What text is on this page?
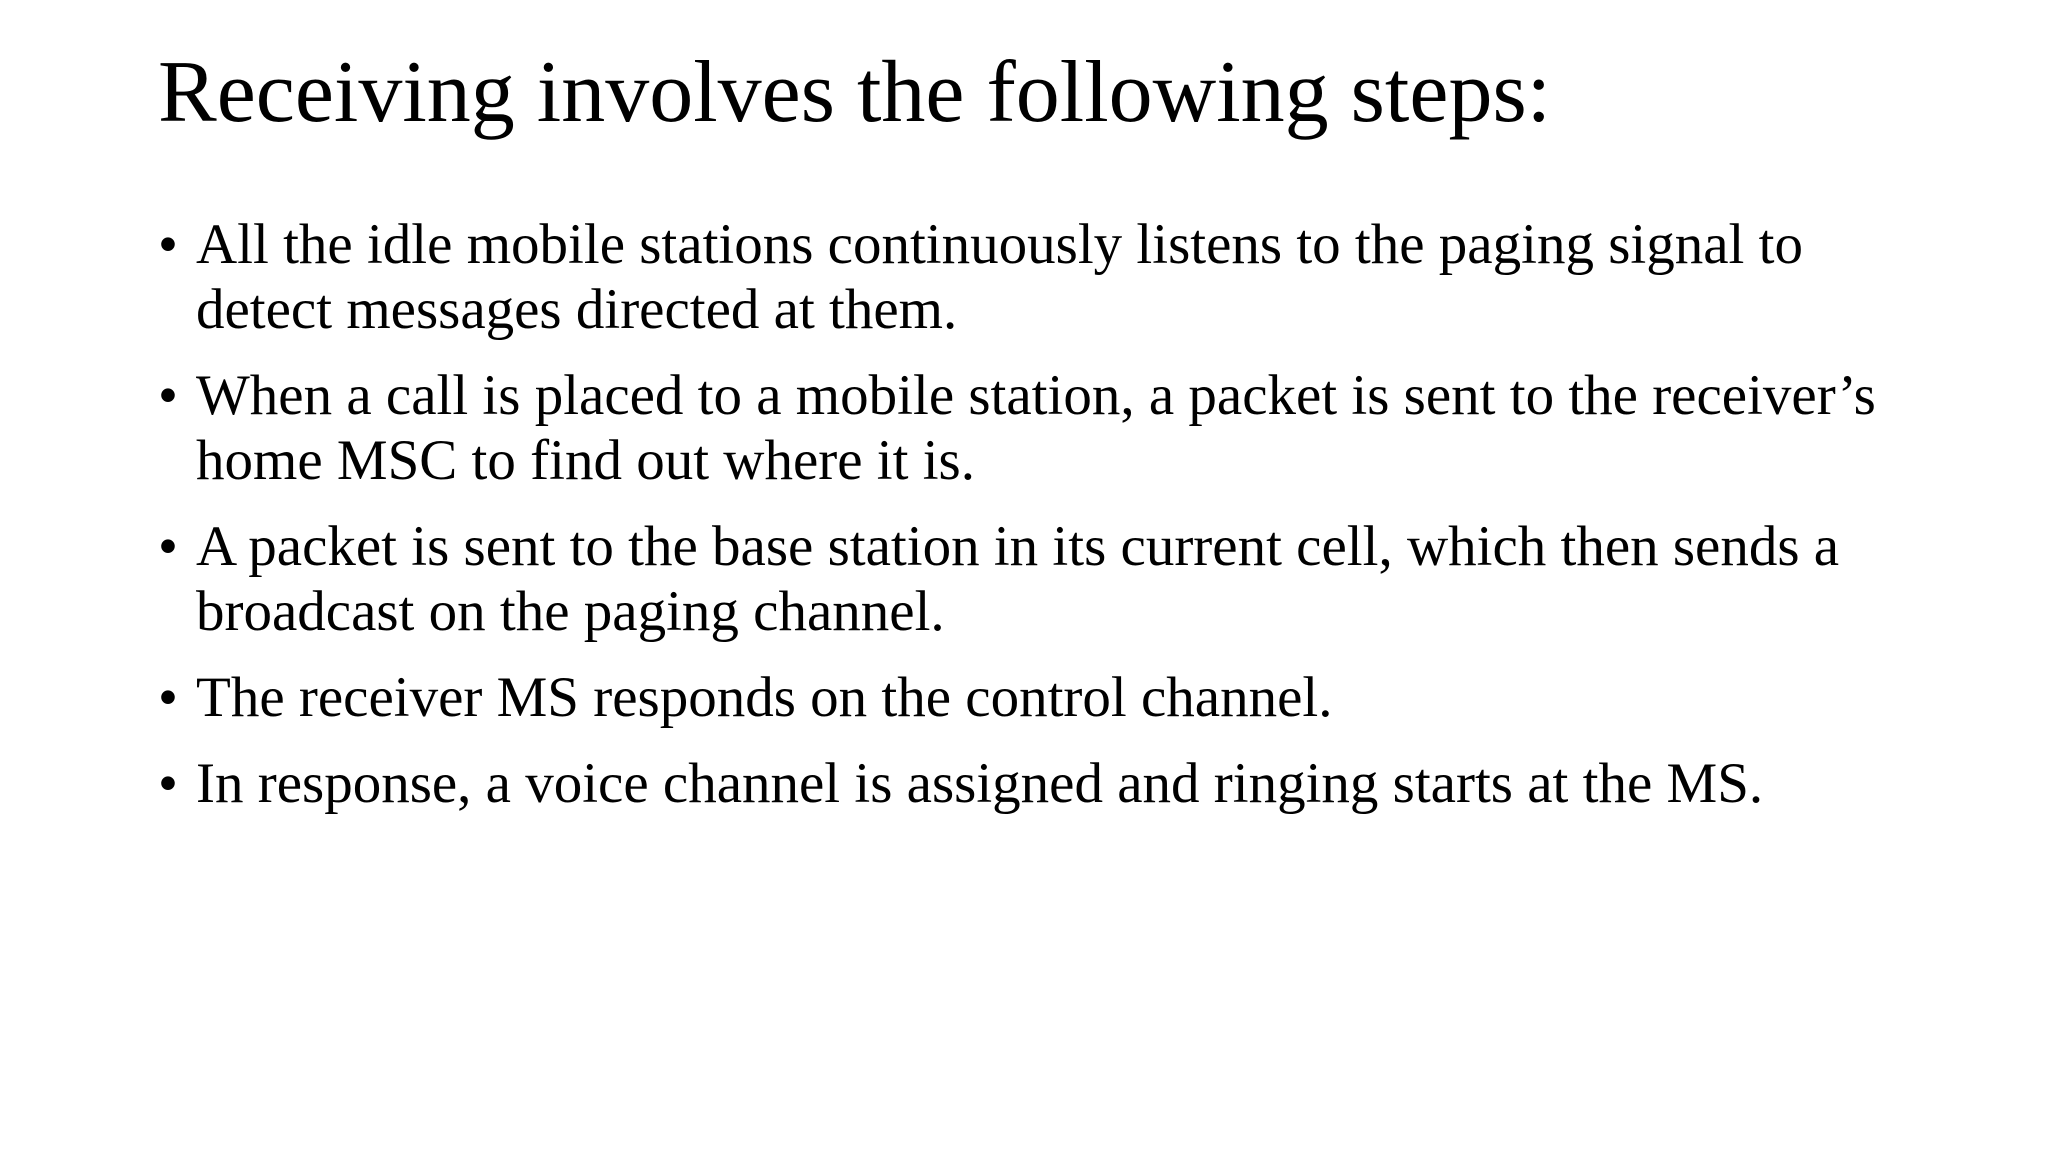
Receiving involves the following steps:
• All the idle mobile stations continuously listens to the paging signal to detect messages directed at them.
• When a call is placed to a mobile station, a packet is sent to the receiver’s home MSC to find out where it is.
• A packet is sent to the base station in its current cell, which then sends a broadcast on the paging channel.
• The receiver MS responds on the control channel.
• In response, a voice channel is assigned and ringing starts at the MS.
